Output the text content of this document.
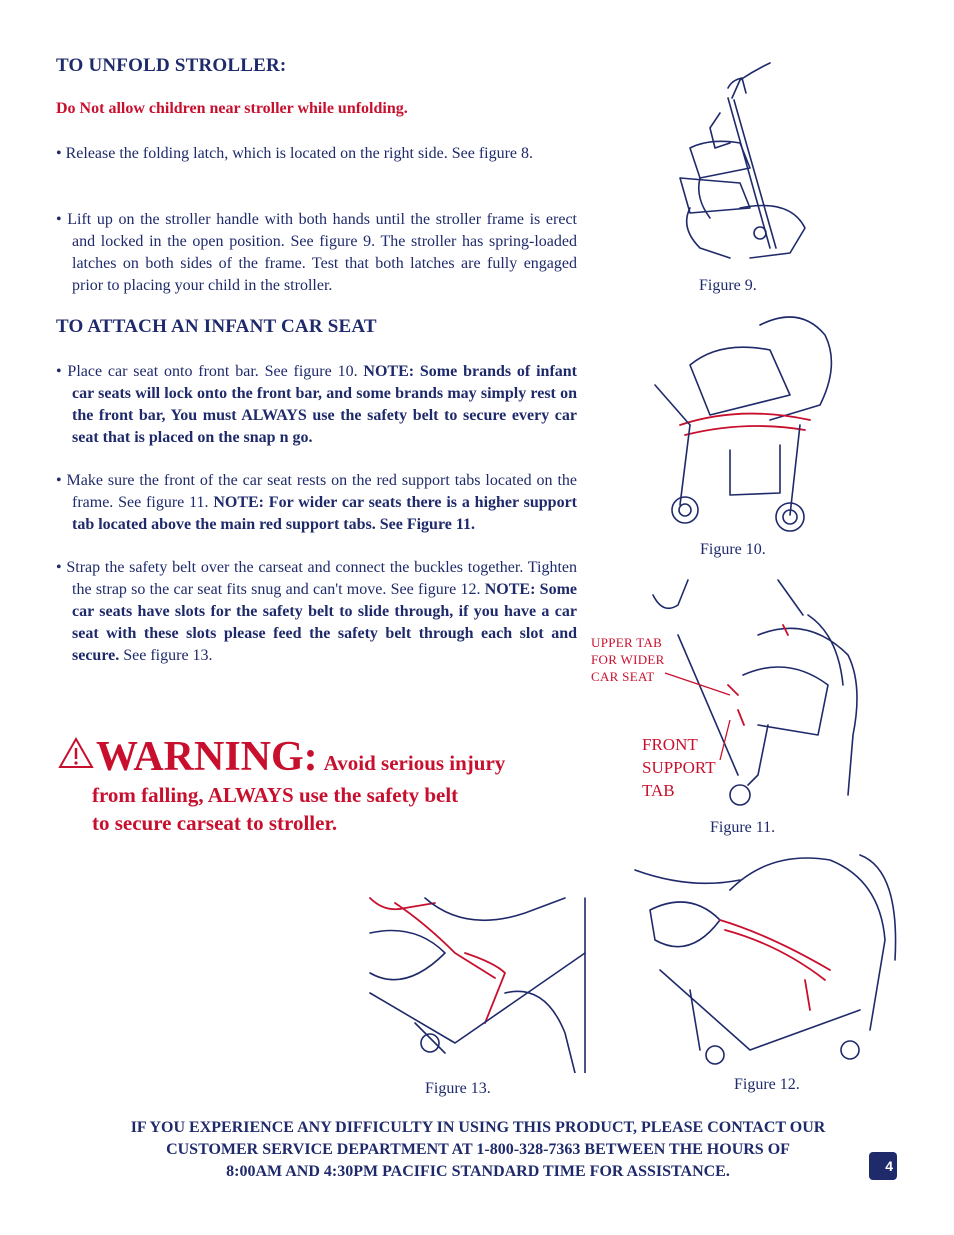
TO UNFOLD STROLLER:
Do Not allow children near stroller while unfolding.
• Release the folding latch, which is located on the right side. See figure 8.
• Lift up on the stroller handle with both hands until the stroller frame is erect and locked in the open position. See figure 9. The stroller has spring-loaded latches on both sides of the frame. Test that both latches are fully engaged prior to placing your child in the stroller.
TO ATTACH AN INFANT CAR SEAT
• Place car seat onto front bar. See figure 10. NOTE: Some brands of infant car seats will lock onto the front bar, and some brands may simply rest on the front bar, You must ALWAYS use the safety belt to secure every car seat that is placed on the snap n go.
• Make sure the front of the car seat rests on the red support tabs located on the frame. See figure 11. NOTE: For wider car seats there is a higher support tab located above the main red support tabs. See Figure 11.
• Strap the safety belt over the carseat and connect the buckles together. Tighten the strap so the car seat fits snug and can't move. See figure 12. NOTE: Some car seats have slots for the safety belt to slide through, if you have a car seat with these slots please feed the safety belt through each slot and secure. See figure 13.
WARNING: Avoid serious injury
from falling, ALWAYS use the safety belt
to secure carseat to stroller.
Figure 9.
Figure 10.
UPPER TAB
FOR WIDER
CAR SEAT
FRONT
SUPPORT
TAB
Figure 11.
Figure 13.	Figure 12.
IF YOU EXPERIENCE ANY DIFFICULTY IN USING THIS PRODUCT, PLEASE CONTACT OUR
CUSTOMER SERVICE DEPARTMENT AT 1-800-328-7363 BETWEEN THE HOURS OF
8:00AM AND 4:30PM PACIFIC STANDARD TIME FOR ASSISTANCE.	4
